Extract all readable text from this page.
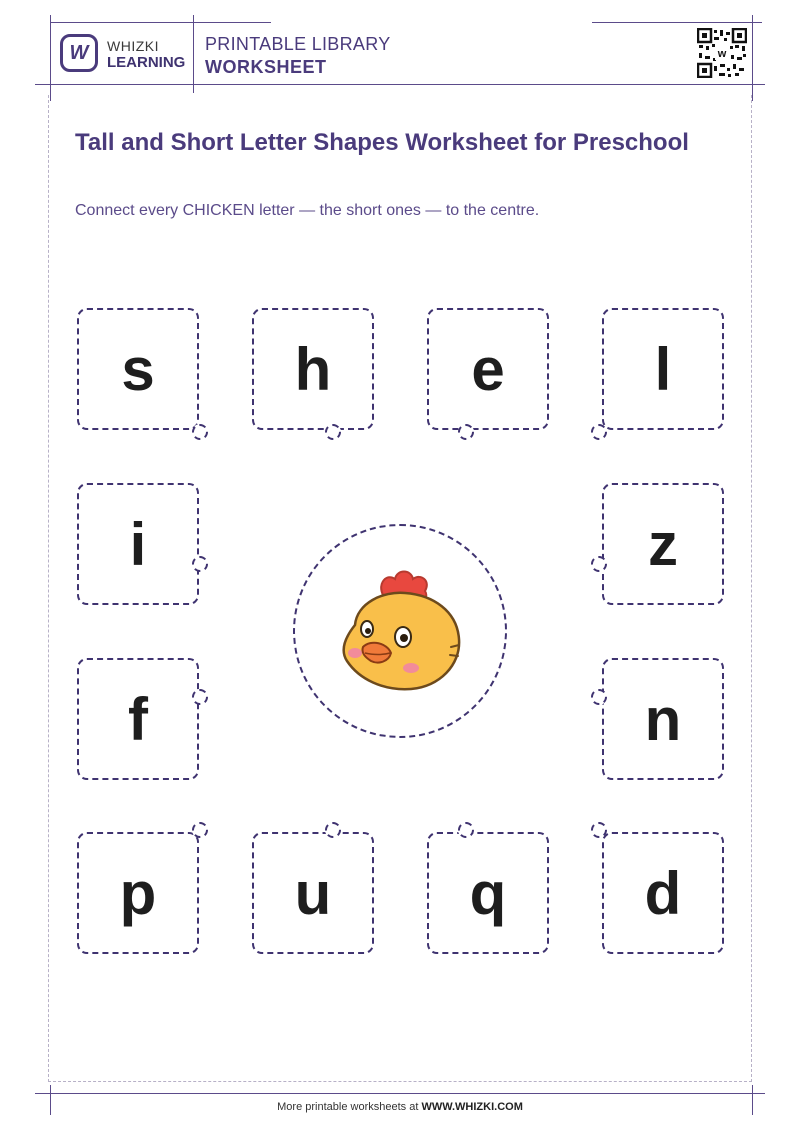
W WHIZKI
LEARNING
PRINTABLE LIBRARY
WORKSHEET
w
Tall and Short Letter Shapes Worksheet for Preschool
Connect every CHICKEN letter — the short ones — to the centre.
s	h	e	l
i	z
f	n
p	u	q	d
More printable worksheets at WWW.WHIZKI.COM
